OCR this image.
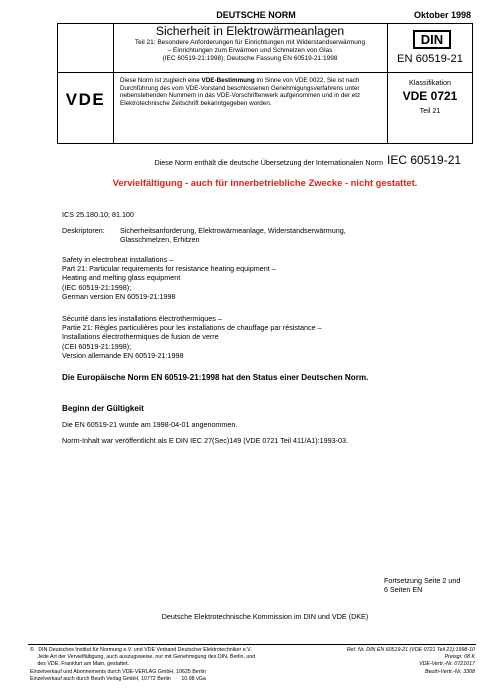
DEUTSCHE NORM	Oktober 1998
Sicherheit in Elektrowärmeanlagen
Teil 21: Besondere Anforderungen für Einrichtungen mit Widerstandserwärmung
– Einrichtungen zum Erwärmen und Schmelzen von Glas
(IEC 60519-21:1998); Deutsche Fassung EN 60519-21:1998
DIN
EN 60519-21
VDE
Diese Norm ist zugleich eine VDE-Bestimmung im Sinne von VDE 0022. Sie ist nach
Durchführung des vom VDE-Vorstand beschlossenen Genehmigungsverfahrens unter
nebenstehenden Nummern in das VDE-Vorschriftenwerk aufgenommen und in der etz
Elektrotechnische Zeitschrift bekanntgegeben worden.
Klassifikation
VDE 0721
Teil 21
Diese Norm enthält die deutsche Übersetzung der Internationalen Norm IEC 60519-21
Vervielfältigung - auch für innerbetriebliche Zwecke - nicht gestattet.
ICS 25.180.10; 81.100
Deskriptoren:	Sicherheitsanforderung, Elektrowärmeanlage, Widerstandserwärmung,
Glasschmelzen, Erhitzen
Safety in electroheat installations –
Part 21: Particular requirements for resistance heating equipment –
Heating and melting glass equipment
(IEC 60519-21:1998);
German version EN 60519-21:1998
Sécurité dans les installations électrothermiques –
Partie 21: Règles particulières pour les installations de chauffage par résistance –
Installations électrothermiques de fusion de verre
(CEI 60519-21:1998);
Version allemande EN 60519-21:1998
Die Europäische Norm EN 60519-21:1998 hat den Status einer Deutschen Norm.
Beginn der Gültigkeit
Die EN 60519-21 wurde am 1998-04-01 angenommen.
Norm-Inhalt war veröffentlicht als E DIN IEC 27(Sec)149 (VDE 0721 Teil 411/A1):1993-03.
Fortsetzung Seite 2 und
6 Seiten EN
Deutsche Elektrotechnische Kommission im DIN und VDE (DKE)
©   DIN Deutsches Institut für Normung e.V. und VDE Verband Deutscher Elektrotechniker e.V.
Jede Art der Vervielfältigung, auch auszugsweise, nur mit Genehmigung des DIN, Berlin, und
des VDE, Frankfurt am Main, gestattet.
Einzelverkauf und Abonnements durch VDE-VERLAG GmbH, 10625 Berlin
Einzelverkauf auch durch Beuth Verlag GmbH, 10772 Berlin   ·   10.98 vGa
Ref. Nr. DIN EN 60519-21 (VDE 0721 Teil 21):1998-10
Preisgr. 08 K
VDE-Vertr.-Nr. 0721017
Beuth-Vertr.-Nr. 3308
